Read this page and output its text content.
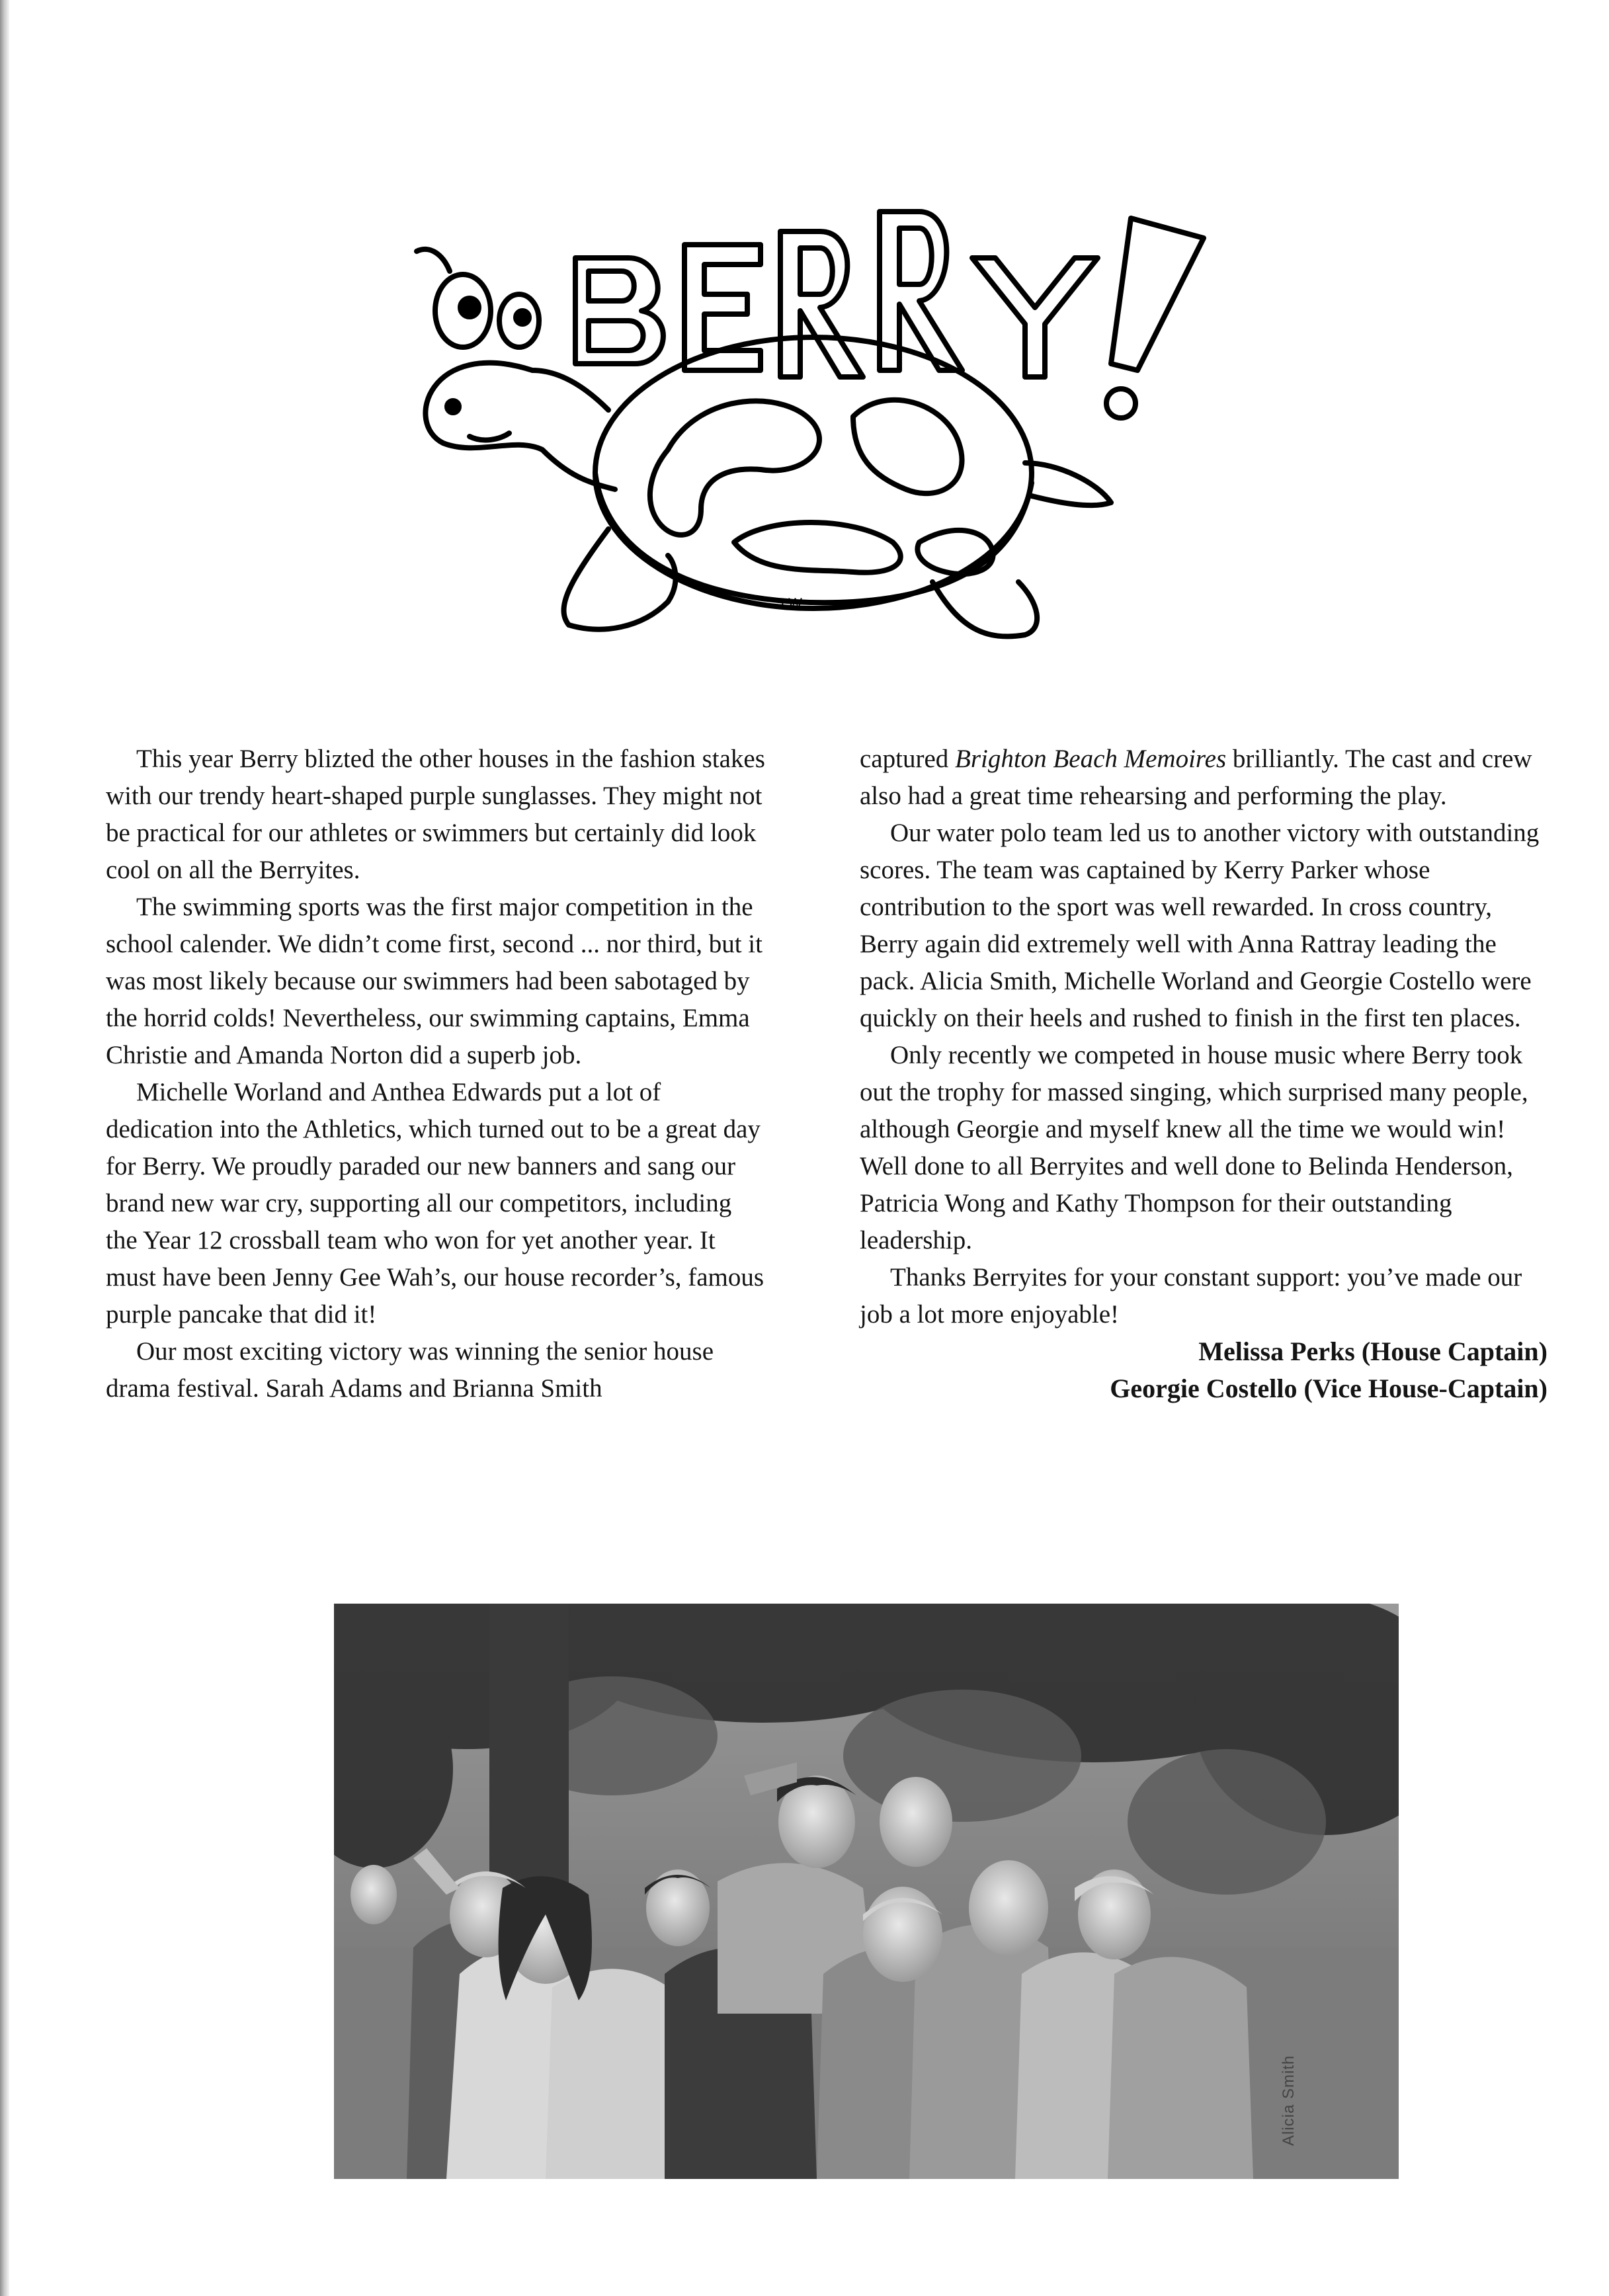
J.W

This year Berry blizted the other houses in the fashion stakes with our trendy heart-shaped purple sunglasses. They might not be practical for our athletes or swimmers but certainly did look cool on all the Berryites.

The swimming sports was the first major competition in the school calender. We didn’t come first, second ... nor third, but it was most likely because our swimmers had been sabotaged by the horrid colds! Nevertheless, our swimming captains, Emma Christie and Amanda Norton did a superb job.

Michelle Worland and Anthea Edwards put a lot of dedication into the Athletics, which turned out to be a great day for Berry. We proudly paraded our new banners and sang our brand new war cry, supporting all our competitors, including the Year 12 crossball team who won for yet another year. It must have been Jenny Gee Wah’s, our house recorder’s, famous purple pancake that did it!

Our most exciting victory was winning the senior house drama festival. Sarah Adams and Brianna Smith

captured Brighton Beach Memoires brilliantly. The cast and crew also had a great time rehearsing and performing the play.

Our water polo team led us to another victory with outstanding scores. The team was captained by Kerry Parker whose contribution to the sport was well rewarded. In cross country, Berry again did extremely well with Anna Rattray leading the pack. Alicia Smith, Michelle Worland and Georgie Costello were quickly on their heels and rushed to finish in the first ten places.

Only recently we competed in house music where Berry took out the trophy for massed singing, which surprised many people, although Georgie and myself knew all the time we would win! Well done to all Berryites and well done to Belinda Henderson, Patricia Wong and Kathy Thompson for their outstanding leadership.

Thanks Berryites for your constant support: you’ve made our job a lot more enjoyable!

Melissa Perks (House Captain)
Georgie Costello (Vice House-Captain)
Alicia Smith
